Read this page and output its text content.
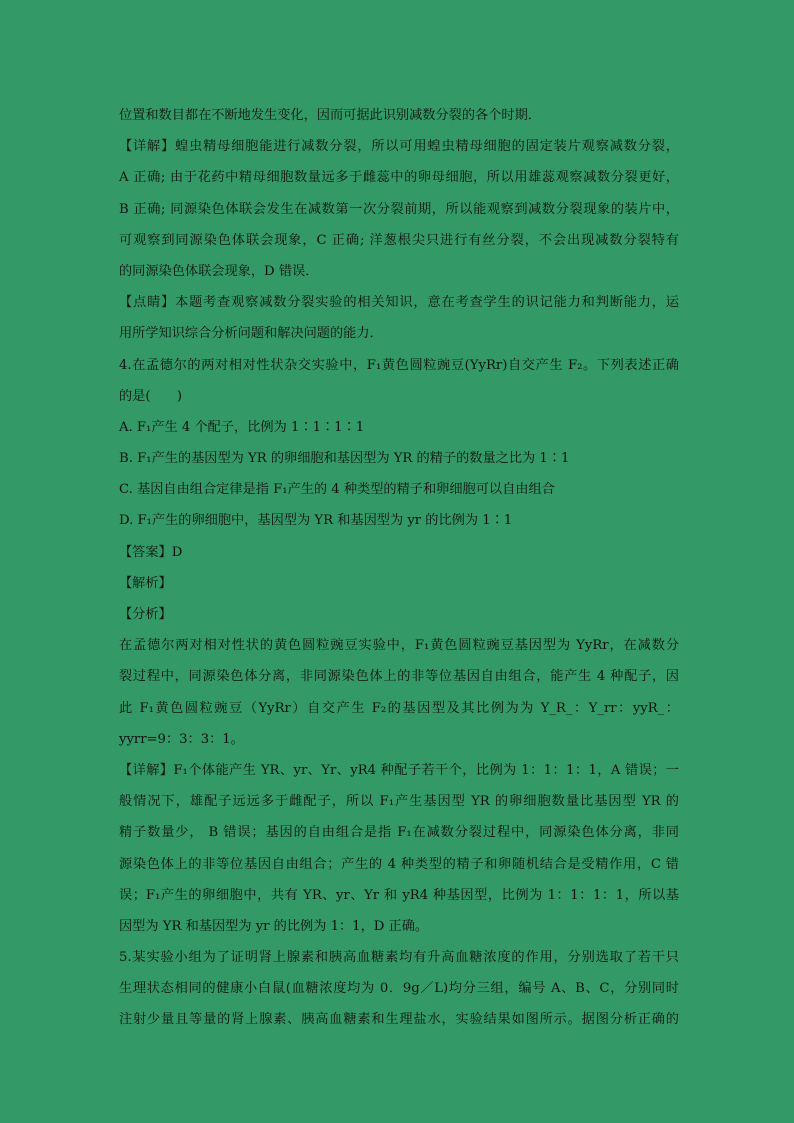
位置和数目都在不断地发生变化，因而可据此识别减数分裂的各个时期．
【详解】蝗虫精母细胞能进行减数分裂，所以可用蝗虫精母细胞的固定装片观察减数分裂，
A 正确; 由于花药中精母细胞数量远多于雌蕊中的卵母细胞，所以用雄蕊观察减数分裂更好，
B 正确; 同源染色体联会发生在减数第一次分裂前期，所以能观察到减数分裂现象的装片中，
可观察到同源染色体联会现象，C 正确; 洋葱根尖只进行有丝分裂，不会出现减数分裂特有
的同源染色体联会现象，D 错误．
【点睛】本题考查观察减数分裂实验的相关知识，意在考查学生的识记能力和判断能力，运
用所学知识综合分析问题和解决问题的能力．
4.在孟德尔的两对相对性状杂交实验中，F₁黄色圆粒豌豆(YyRr)自交产生 F₂。下列表述正确
的是(　　)
A. F₁产生 4 个配子，比例为 1∶1∶1∶1
B. F₁产生的基因型为 YR 的卵细胞和基因型为 YR 的精子的数量之比为 1∶1
C. 基因自由组合定律是指 F₁产生的 4 种类型的精子和卵细胞可以自由组合
D. F₁产生的卵细胞中，基因型为 YR 和基因型为 yr 的比例为 1∶1
【答案】D
【解析】
【分析】
在孟德尔两对相对性状的黄色圆粒豌豆实验中，F₁黄色圆粒豌豆基因型为 YyRr，在减数分
裂过程中，同源染色体分离，非同源染色体上的非等位基因自由组合，能产生 4 种配子，因
此 F₁黄色圆粒豌豆（YyRr）自交产生 F₂的基因型及其比例为为 Y_R_：Y_rr：yyR_：
yyrr=9：3：3：1。
【详解】F₁个体能产生 YR、yr、Yr、yR4 种配子若干个，比例为 1：1：1：1，A 错误；一
般情况下，雄配子远远多于雌配子，所以 F₁产生基因型 YR 的卵细胞数量比基因型 YR 的
精子数量少， B 错误；基因的自由组合是指 F₁在减数分裂过程中，同源染色体分离，非同
源染色体上的非等位基因自由组合；产生的 4 种类型的精子和卵随机结合是受精作用，C 错
误；F₁产生的卵细胞中，共有 YR、yr、Yr 和 yR4 种基因型，比例为 1：1：1：1，所以基
因型为 YR 和基因型为 yr 的比例为 1：1，D 正确。
5.某实验小组为了证明肾上腺素和胰高血糖素均有升高血糖浓度的作用，分别选取了若干只
生理状态相同的健康小白鼠(血糖浓度均为 0．9g／L)均分三组，编号 A、B、C，分别同时
注射少量且等量的肾上腺素、胰高血糖素和生理盐水，实验结果如图所示。据图分析正确的
